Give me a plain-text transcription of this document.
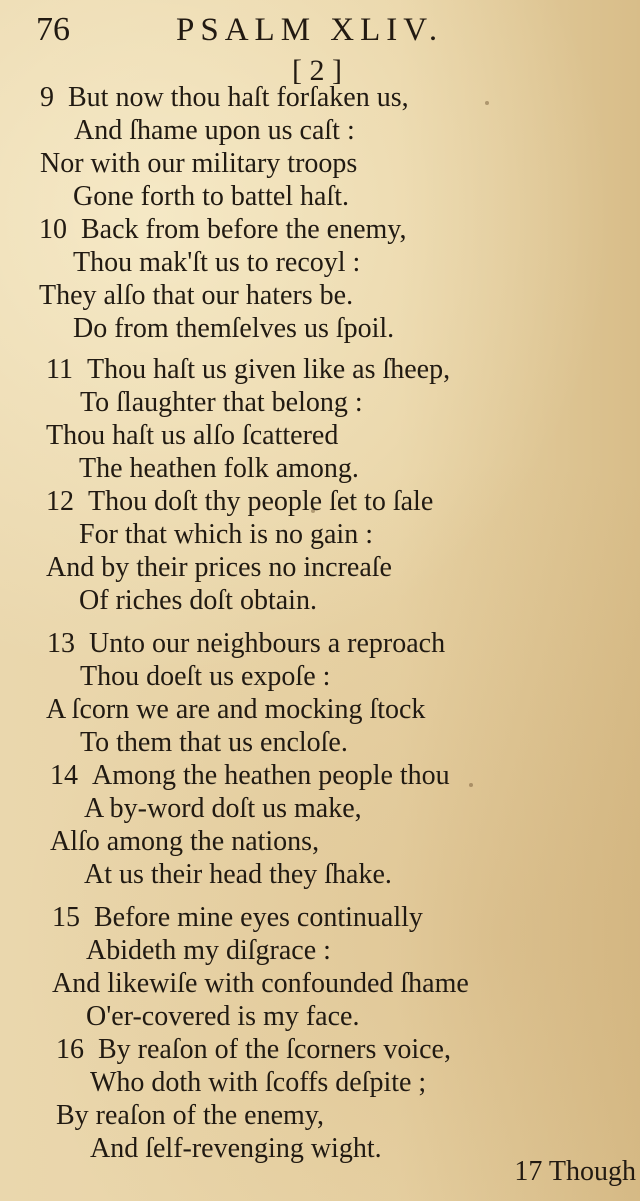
76	PSALM XLIV.
[ 2 ]
9 But now thou haſt forſaken us,
And ſhame upon us caſt :
Nor with our military troops
Gone forth to battel haſt.
10 Back from before the enemy,
Thou mak'ſt us to recoyl :
They alſo that our haters be.
Do from themſelves us ſpoil.
11 Thou haſt us given like as ſheep,
To ſlaughter that belong :
Thou haſt us alſo ſcattered
The heathen folk among.
12 Thou doſt thy people ſet to ſale
For that which is no gain :
And by their prices no increaſe
Of riches doſt obtain.
13 Unto our neighbours a reproach
Thou doeſt us expoſe :
A ſcorn we are and mocking ſtock
To them that us encloſe.
14 Among the heathen people thou
A by-word doſt us make,
Alſo among the nations,
At us their head they ſhake.
15 Before mine eyes continually
Abideth my diſgrace :
And likewiſe with confounded ſhame
O'er-covered is my face.
16 By reaſon of the ſcorners voice,
Who doth with ſcoffs deſpite ;
By reaſon of the enemy,
And ſelf-revenging wight.
17 Though
